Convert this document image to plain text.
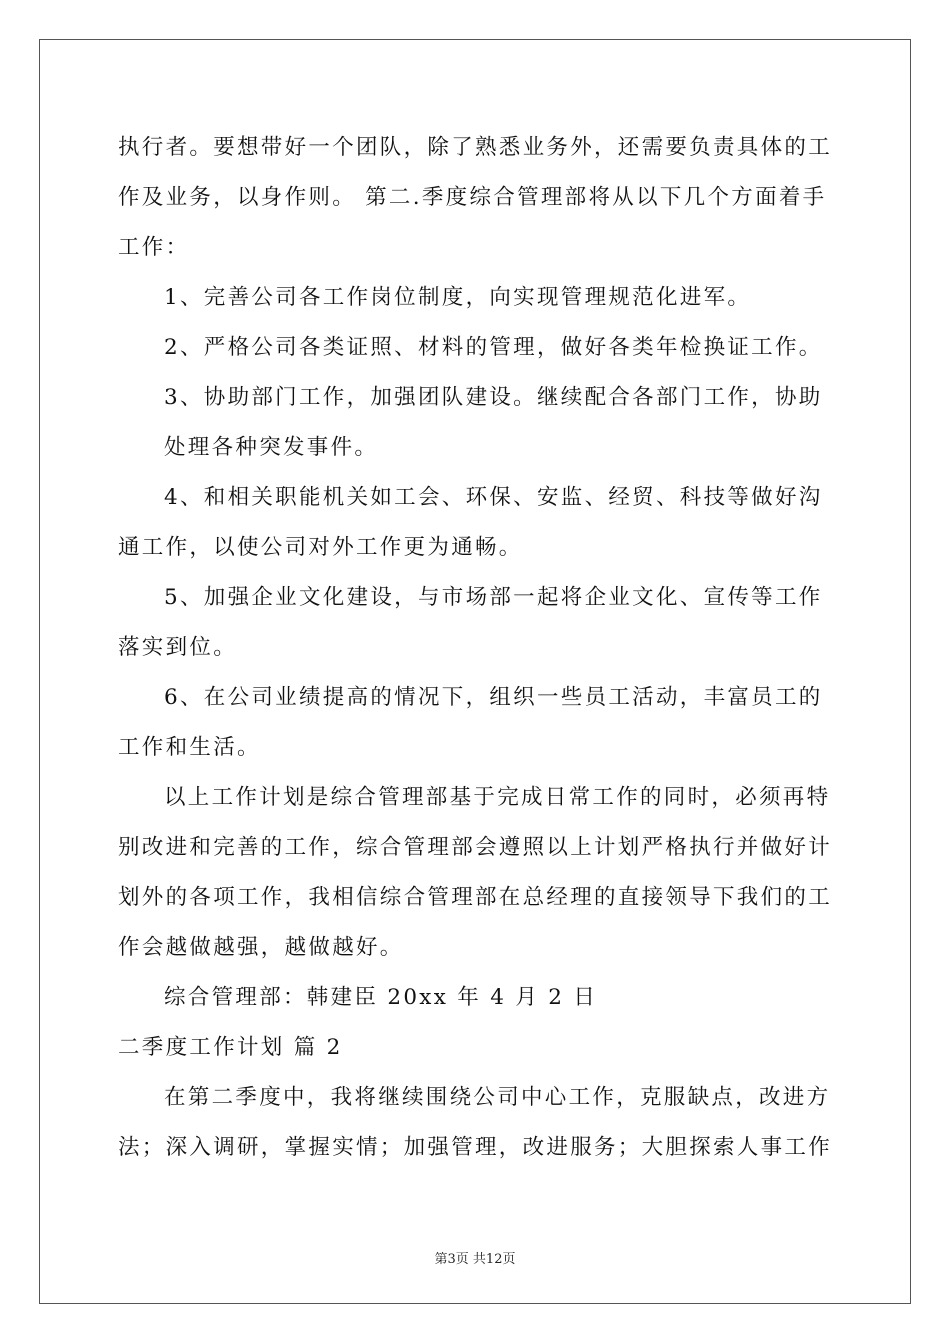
执行者。要想带好一个团队，除了熟悉业务外，还需要负责具体的工
作及业务，以身作则。 第二.季度综合管理部将从以下几个方面着手
工作：
1、完善公司各工作岗位制度，向实现管理规范化进军。
2、严格公司各类证照、材料的管理，做好各类年检换证工作。
3、协助部门工作，加强团队建设。继续配合各部门工作，协助
处理各种突发事件。
4、和相关职能机关如工会、环保、安监、经贸、科技等做好沟
通工作，以使公司对外工作更为通畅。
5、加强企业文化建设，与市场部一起将企业文化、宣传等工作
落实到位。
6、在公司业绩提高的情况下，组织一些员工活动，丰富员工的
工作和生活。
以上工作计划是综合管理部基于完成日常工作的同时，必须再特
别改进和完善的工作，综合管理部会遵照以上计划严格执行并做好计
划外的各项工作，我相信综合管理部在总经理的直接领导下我们的工
作会越做越强，越做越好。
综合管理部：韩建臣 20xx 年 4 月 2 日
二季度工作计划 篇 2
在第二季度中，我将继续围绕公司中心工作，克服缺点，改进方
法；深入调研，掌握实情；加强管理，改进服务；大胆探索人事工作
第3页 共12页
